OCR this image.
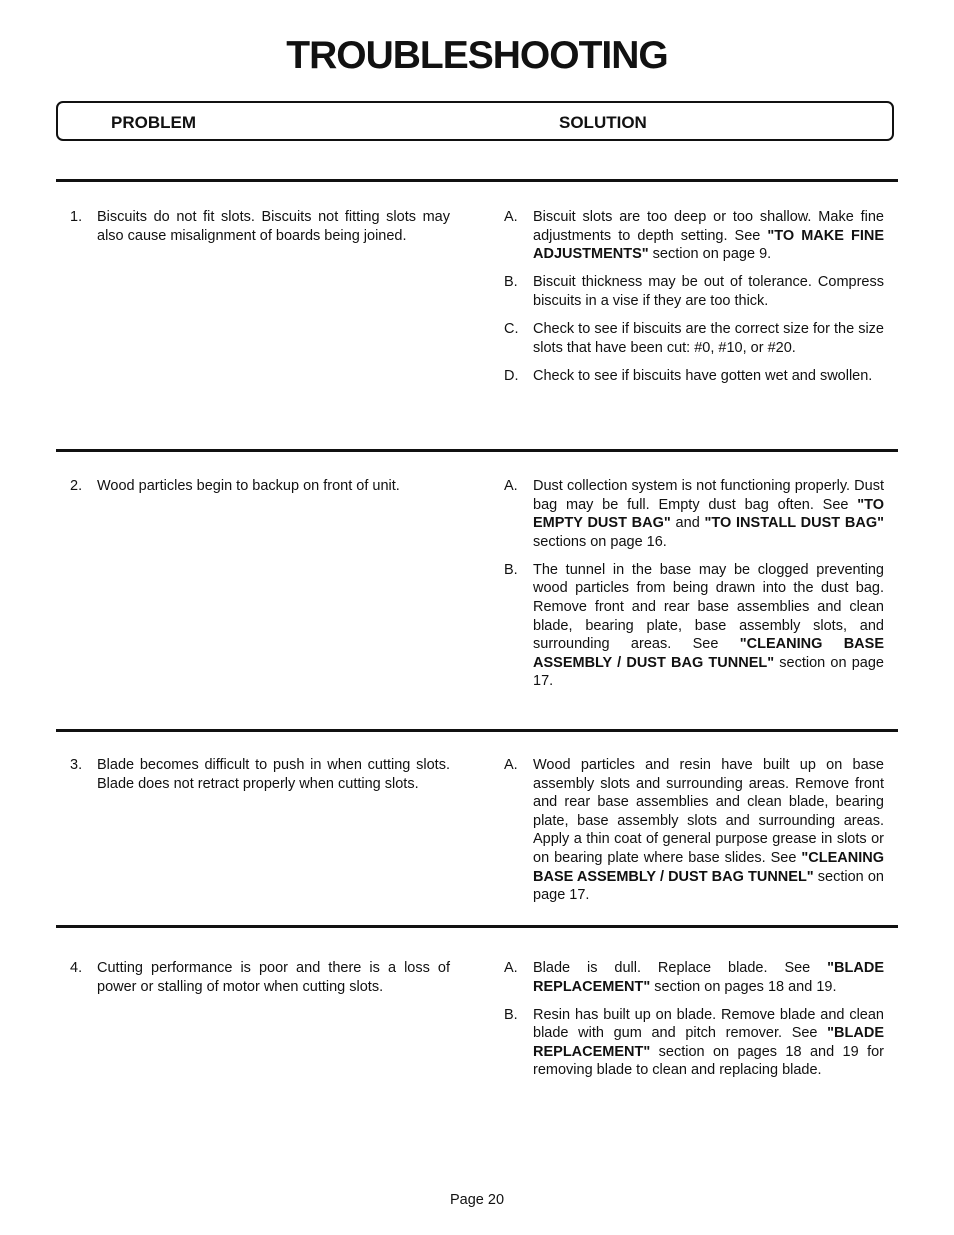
TROUBLESHOOTING
PROBLEM	SOLUTION
1.	Biscuits do not fit slots. Biscuits not fitting slots may also cause misalignment of boards being joined.
A.	Biscuit slots are too deep or too shallow. Make fine adjustments to depth setting. See "TO MAKE FINE ADJUSTMENTS" section on page 9.
B.	Biscuit thickness may be out of tolerance. Compress biscuits in a vise if they are too thick.
C.	Check to see if biscuits are the correct size for the size slots that have been cut: #0, #10, or #20.
D.	Check to see if biscuits have gotten wet and swollen.
2.	Wood particles begin to backup on front of unit.	A.	Dust collection system is not functioning properly. Dust bag may be full. Empty dust bag often. See "TO EMPTY DUST BAG" and "TO INSTALL DUST BAG" sections on page 16.
B.	The tunnel in the base may be clogged preventing wood particles from being drawn into the dust bag. Remove front and rear base assemblies and clean blade, bearing plate, base assembly slots, and surrounding areas. See "CLEANING BASE ASSEMBLY / DUST BAG TUNNEL" section on page 17.
3.	Blade becomes difficult to push in when cutting slots. Blade does not retract properly when cutting slots.
A.	Wood particles and resin have built up on base assembly slots and surrounding areas. Remove front and rear base assemblies and clean blade, bearing plate, base assembly slots and surrounding areas. Apply a thin coat of general purpose grease in slots or on bearing plate where base slides. See "CLEANING BASE ASSEMBLY / DUST BAG TUNNEL" section on page 17.
4.	Cutting performance is poor and there is a loss of power or stalling of motor when cutting slots.
A.	Blade is dull. Replace blade. See "BLADE REPLACEMENT" section on pages 18 and 19.
B.	Resin has built up on blade. Remove blade and clean blade with gum and pitch remover. See "BLADE REPLACEMENT" section on pages 18 and 19 for removing blade to clean and replacing blade.
Page 20
